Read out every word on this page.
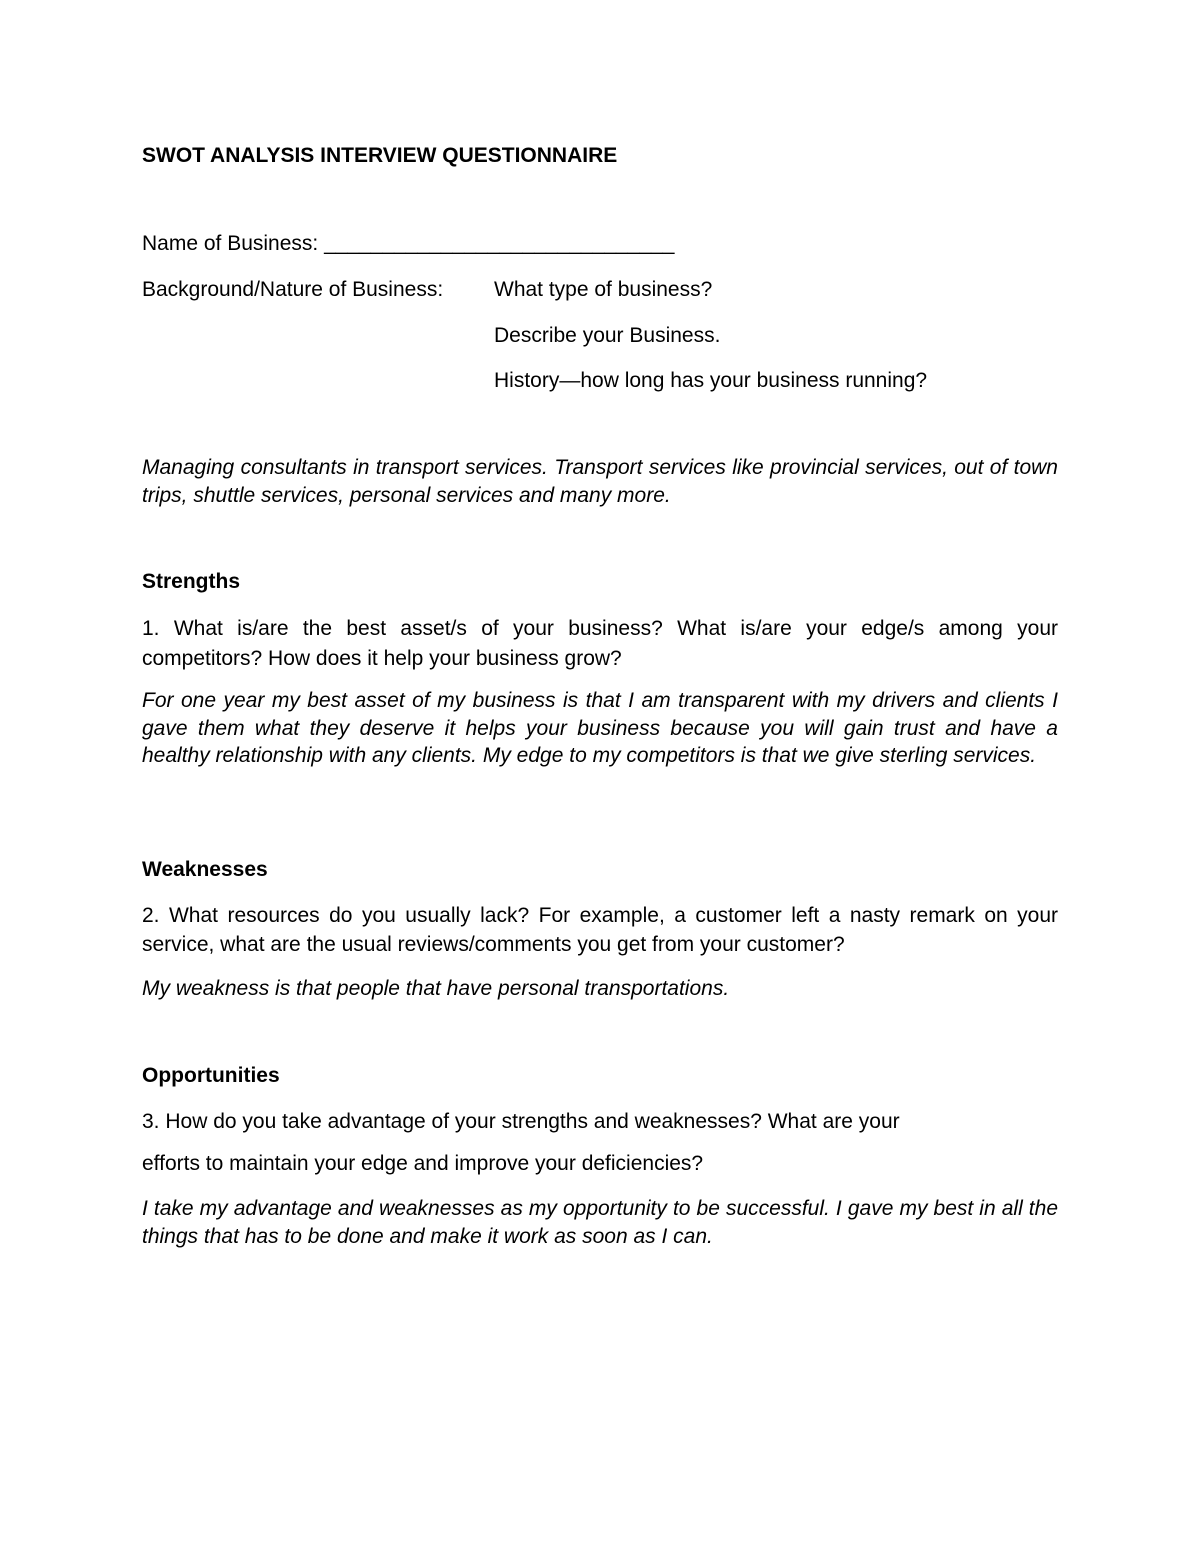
SWOT ANALYSIS INTERVIEW QUESTIONNAIRE
Name of Business: ______________________________
Background/Nature of Business: What type of business?
Describe your Business.
History—how long has your business running?
Managing consultants in transport services. Transport services like provincial services, out of town trips, shuttle services, personal services and many more.
Strengths
1. What is/are the best asset/s of your business? What is/are your edge/s among your competitors? How does it help your business grow?
For one year my best asset of my business is that I am transparent with my drivers and clients I gave them what they deserve it helps your business because you will gain trust and have a healthy relationship with any clients. My edge to my competitors is that we give sterling services.
Weaknesses
2. What resources do you usually lack? For example, a customer left a nasty remark on your service, what are the usual reviews/comments you get from your customer?
My weakness is that people that have personal transportations.
Opportunities
3. How do you take advantage of your strengths and weaknesses? What are your
efforts to maintain your edge and improve your deficiencies?
I take my advantage and weaknesses as my opportunity to be successful. I gave my best in all the things that has to be done and make it work as soon as I can.
